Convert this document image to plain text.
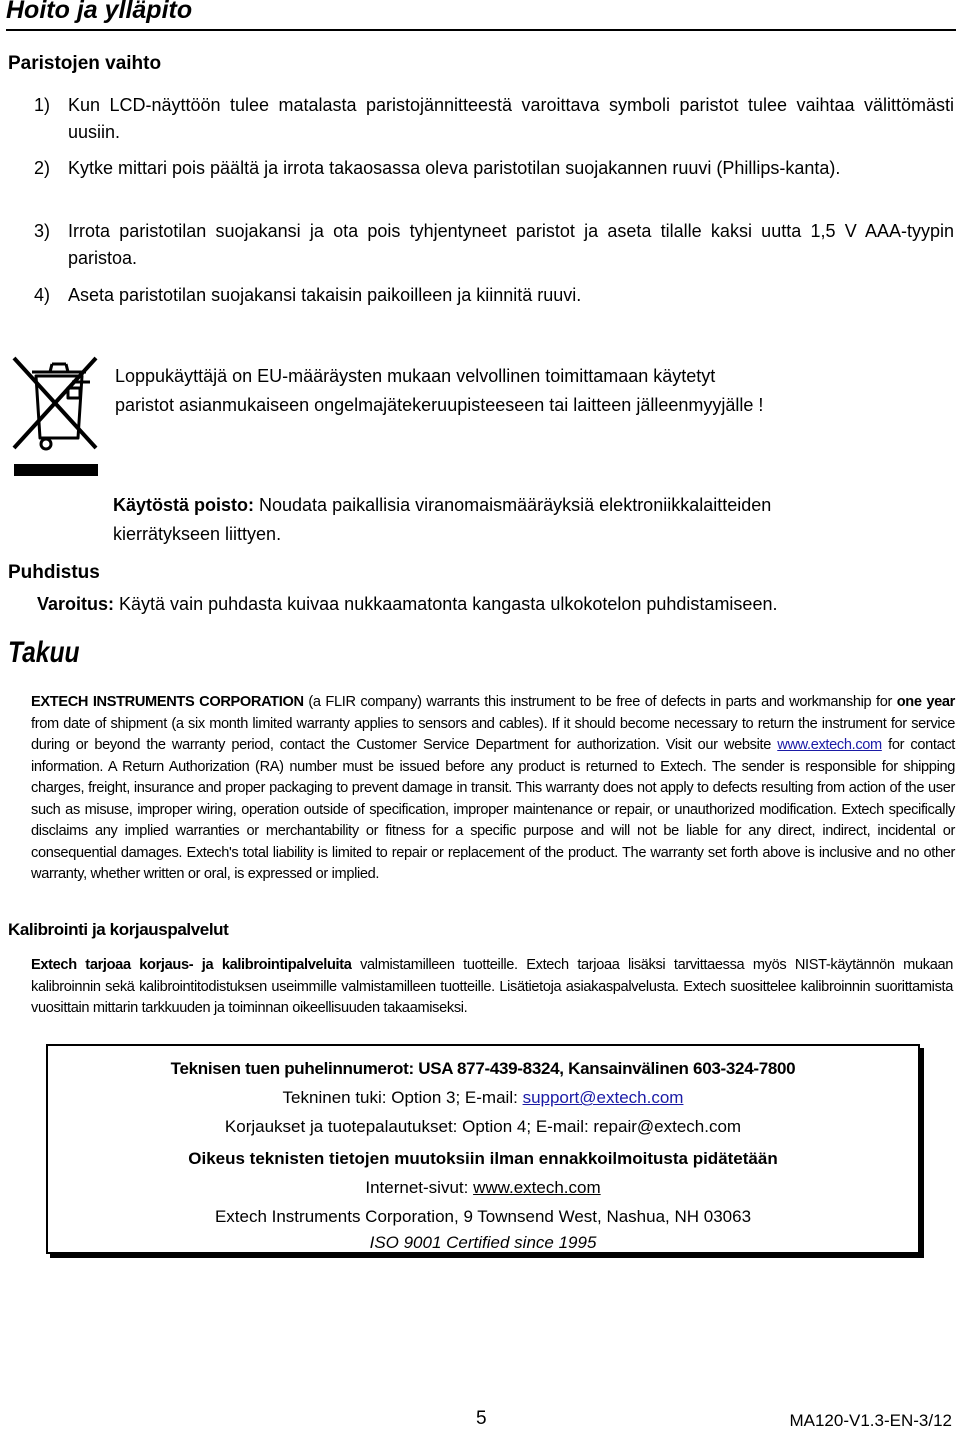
Hoito ja ylläpito
Paristojen vaihto
1) Kun LCD-näyttöön tulee matalasta paristojännitteestä varoittava symboli paristot tulee vaihtaa välittömästi uusiin.
2) Kytke mittari pois päältä ja irrota takaosassa oleva paristotilan suojakannen ruuvi (Phillips-kanta).
3) Irrota paristotilan suojakansi ja ota pois tyhjentyneet paristot ja aseta tilalle kaksi uutta 1,5 V AAA-tyypin paristoa.
4) Aseta paristotilan suojakansi takaisin paikoilleen ja kiinnitä ruuvi.
Loppukäyttäjä on EU-määräysten mukaan velvollinen toimittamaan käytetyt
paristot asianmukaiseen ongelmajätekeruupisteeseen tai laitteen jälleenmyyjälle !
Käytöstä poisto: Noudata paikallisia viranomaismääräyksiä elektroniikkalaitteiden
kierrätykseen liittyen.
Puhdistus
Varoitus: Käytä vain puhdasta kuivaa nukkaamatonta kangasta ulkokotelon puhdistamiseen.
Takuu
EXTECH INSTRUMENTS CORPORATION (a FLIR company) warrants this instrument to be free of defects in parts and workmanship for one year from date of shipment (a six month limited warranty applies to sensors and cables). If it should become necessary to return the instrument for service during or beyond the warranty period, contact the Customer Service Department for authorization. Visit our website www.extech.com for contact information. A Return Authorization (RA) number must be issued before any product is returned to Extech. The sender is responsible for shipping charges, freight, insurance and proper packaging to prevent damage in transit. This warranty does not apply to defects resulting from action of the user such as misuse, improper wiring, operation outside of specification, improper maintenance or repair, or unauthorized modification. Extech specifically disclaims any implied warranties or merchantability or fitness for a specific purpose and will not be liable for any direct, indirect, incidental or consequential damages. Extech's total liability is limited to repair or replacement of the product. The warranty set forth above is inclusive and no other warranty, whether written or oral, is expressed or implied.
Kalibrointi ja korjauspalvelut
Extech tarjoaa korjaus- ja kalibrointipalveluita valmistamilleen tuotteille. Extech tarjoaa lisäksi tarvittaessa myös NIST-käytännön mukaan kalibroinnin sekä kalibrointitodistuksen useimmille valmistamilleen tuotteille. Lisätietoja asiakaspalvelusta. Extech suosittelee kalibroinnin suorittamista vuosittain mittarin tarkkuuden ja toiminnan oikeellisuuden takaamiseksi.
Teknisen tuen puhelinnumerot: USA 877-439-8324, Kansainvälinen 603-324-7800
Tekninen tuki: Option 3; E-mail: support@extech.com
Korjaukset ja tuotepalautukset: Option 4; E-mail: repair@extech.com
Oikeus teknisten tietojen muutoksiin ilman ennakkoilmoitusta pidätetään
Internet-sivut: www.extech.com
Extech Instruments Corporation, 9 Townsend West, Nashua, NH 03063
ISO 9001 Certified since 1995
5	MA120-V1.3-EN-3/12
